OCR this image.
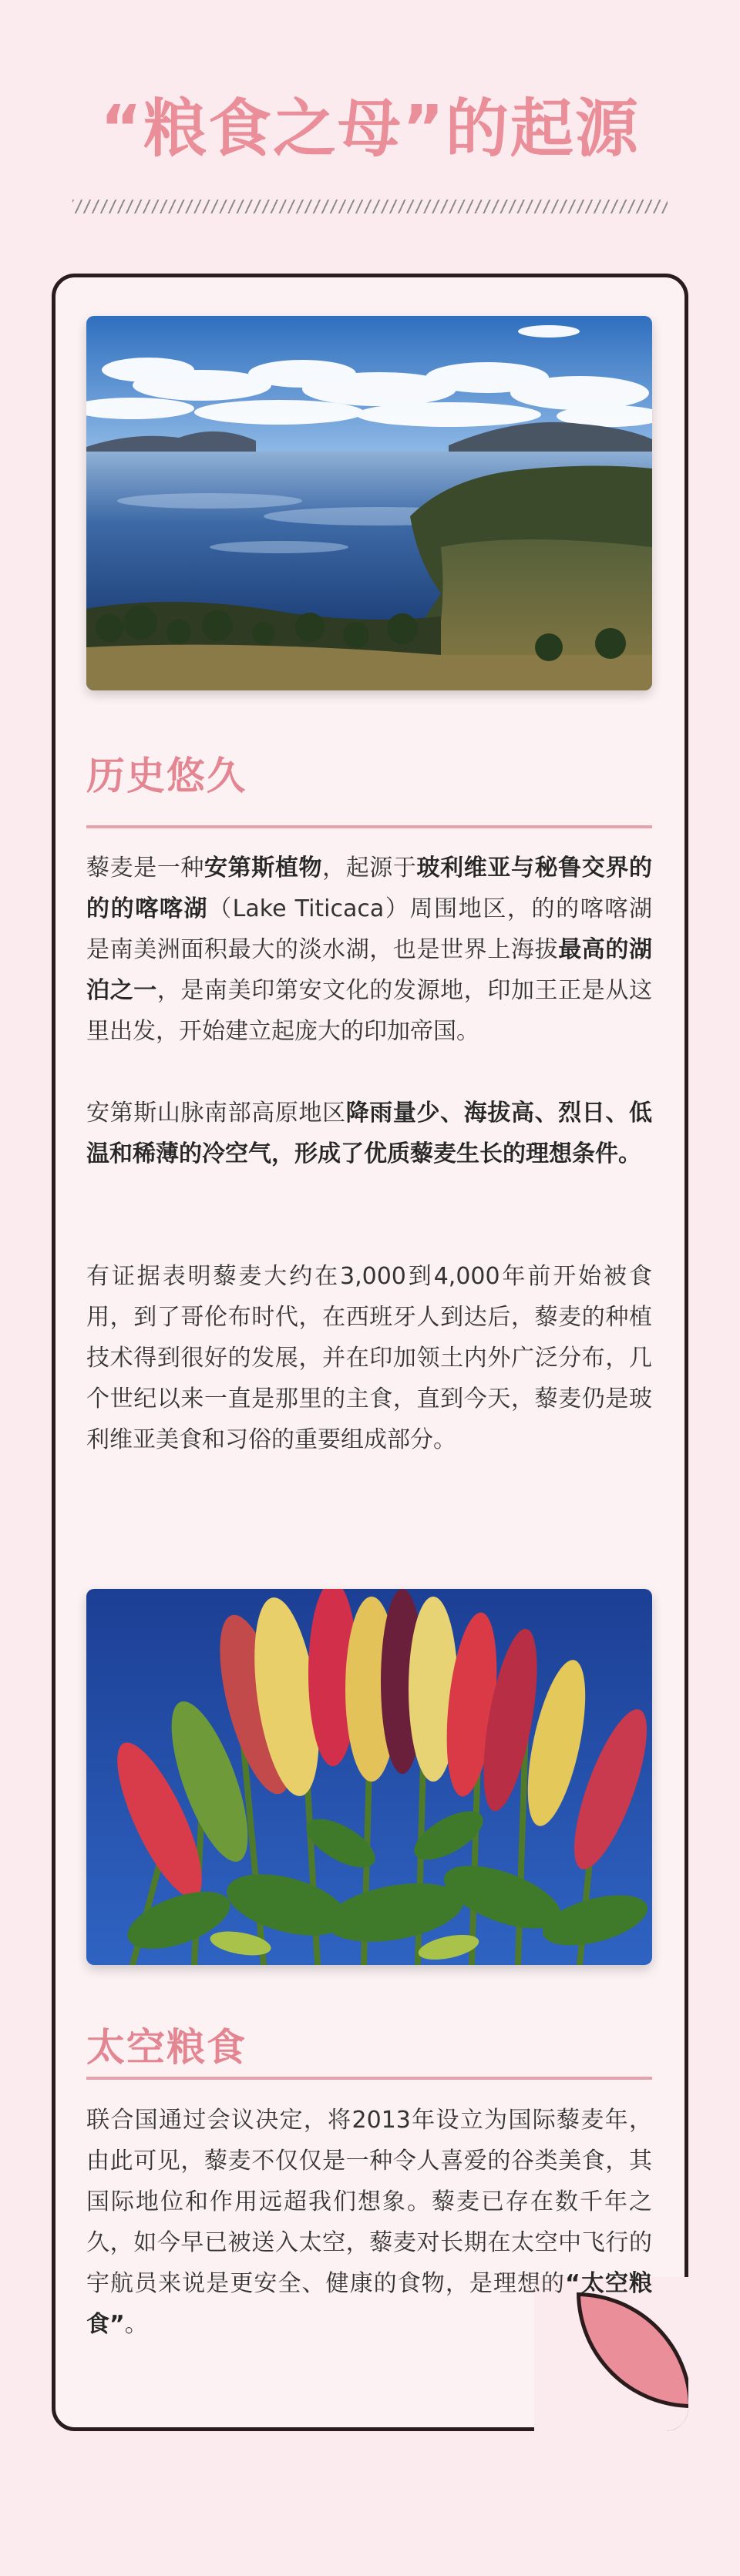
“粮食之母”的起源
历史悠久

藜麦是一种安第斯植物，起源于玻利维亚与秘鲁交界的的的喀喀湖（Lake Titicaca）周围地区，的的喀喀湖是南美洲面积最大的淡水湖，也是世界上海拔最高的湖泊之一，是南美印第安文化的发源地，印加王正是从这里出发，开始建立起庞大的印加帝国。

安第斯山脉南部高原地区降雨量少、海拔高、烈日、低温和稀薄的冷空气，形成了优质藜麦生长的理想条件。

有证据表明藜麦大约在3,000到4,000年前开始被食用，到了哥伦布时代，在西班牙人到达后，藜麦的种植技术得到很好的发展，并在印加领土内外广泛分布，几个世纪以来一直是那里的主食，直到今天，藜麦仍是玻利维亚美食和习俗的重要组成部分。

太空粮食

联合国通过会议决定，将2013年设立为国际藜麦年，由此可见，藜麦不仅仅是一种令人喜爱的谷类美食，其国际地位和作用远超我们想象。藜麦已存在数千年之久，如今早已被送入太空，藜麦对长期在太空中飞行的宇航员来说是更安全、健康的食物，是理想的“太空粮食”。
